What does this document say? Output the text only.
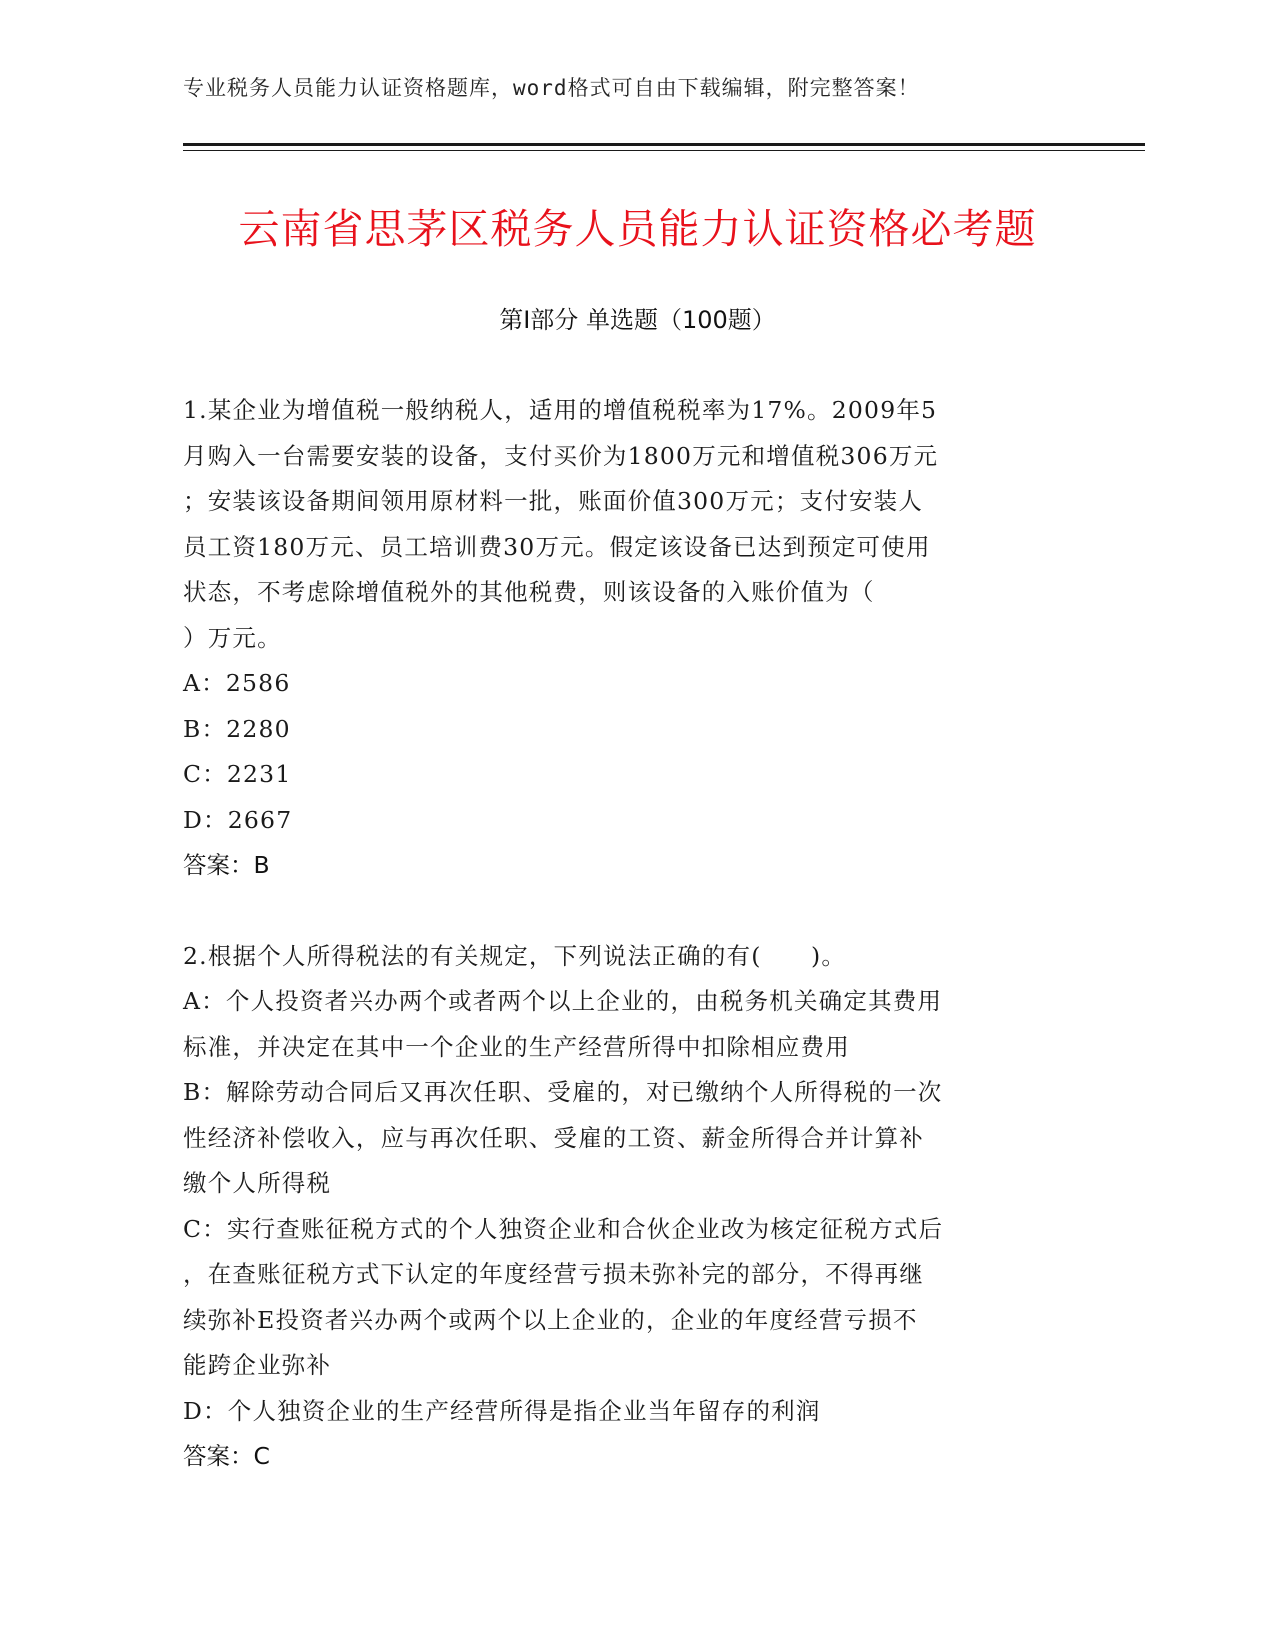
专业税务人员能力认证资格题库，word格式可自由下载编辑，附完整答案！
云南省思茅区税务人员能力认证资格必考题
第Ⅰ部分 单选题（100题）
1.某企业为增值税一般纳税人，适用的增值税税率为17%。2009年5
月购入一台需要安装的设备，支付买价为1800万元和增值税306万元
；安装该设备期间领用原材料一批，账面价值300万元；支付安装人
员工资180万元、员工培训费30万元。假定该设备已达到预定可使用
状态，不考虑除增值税外的其他税费，则该设备的入账价值为（
）万元。
A：2586
B：2280
C：2231
D：2667
答案：B
2.根据个人所得税法的有关规定，下列说法正确的有(　　)。
A：个人投资者兴办两个或者两个以上企业的，由税务机关确定其费用
标准，并决定在其中一个企业的生产经营所得中扣除相应费用
B：解除劳动合同后又再次任职、受雇的，对已缴纳个人所得税的一次
性经济补偿收入，应与再次任职、受雇的工资、薪金所得合并计算补
缴个人所得税
C：实行查账征税方式的个人独资企业和合伙企业改为核定征税方式后
，在查账征税方式下认定的年度经营亏损未弥补完的部分，不得再继
续弥补E投资者兴办两个或两个以上企业的，企业的年度经营亏损不
能跨企业弥补
D：个人独资企业的生产经营所得是指企业当年留存的利润
答案：C
